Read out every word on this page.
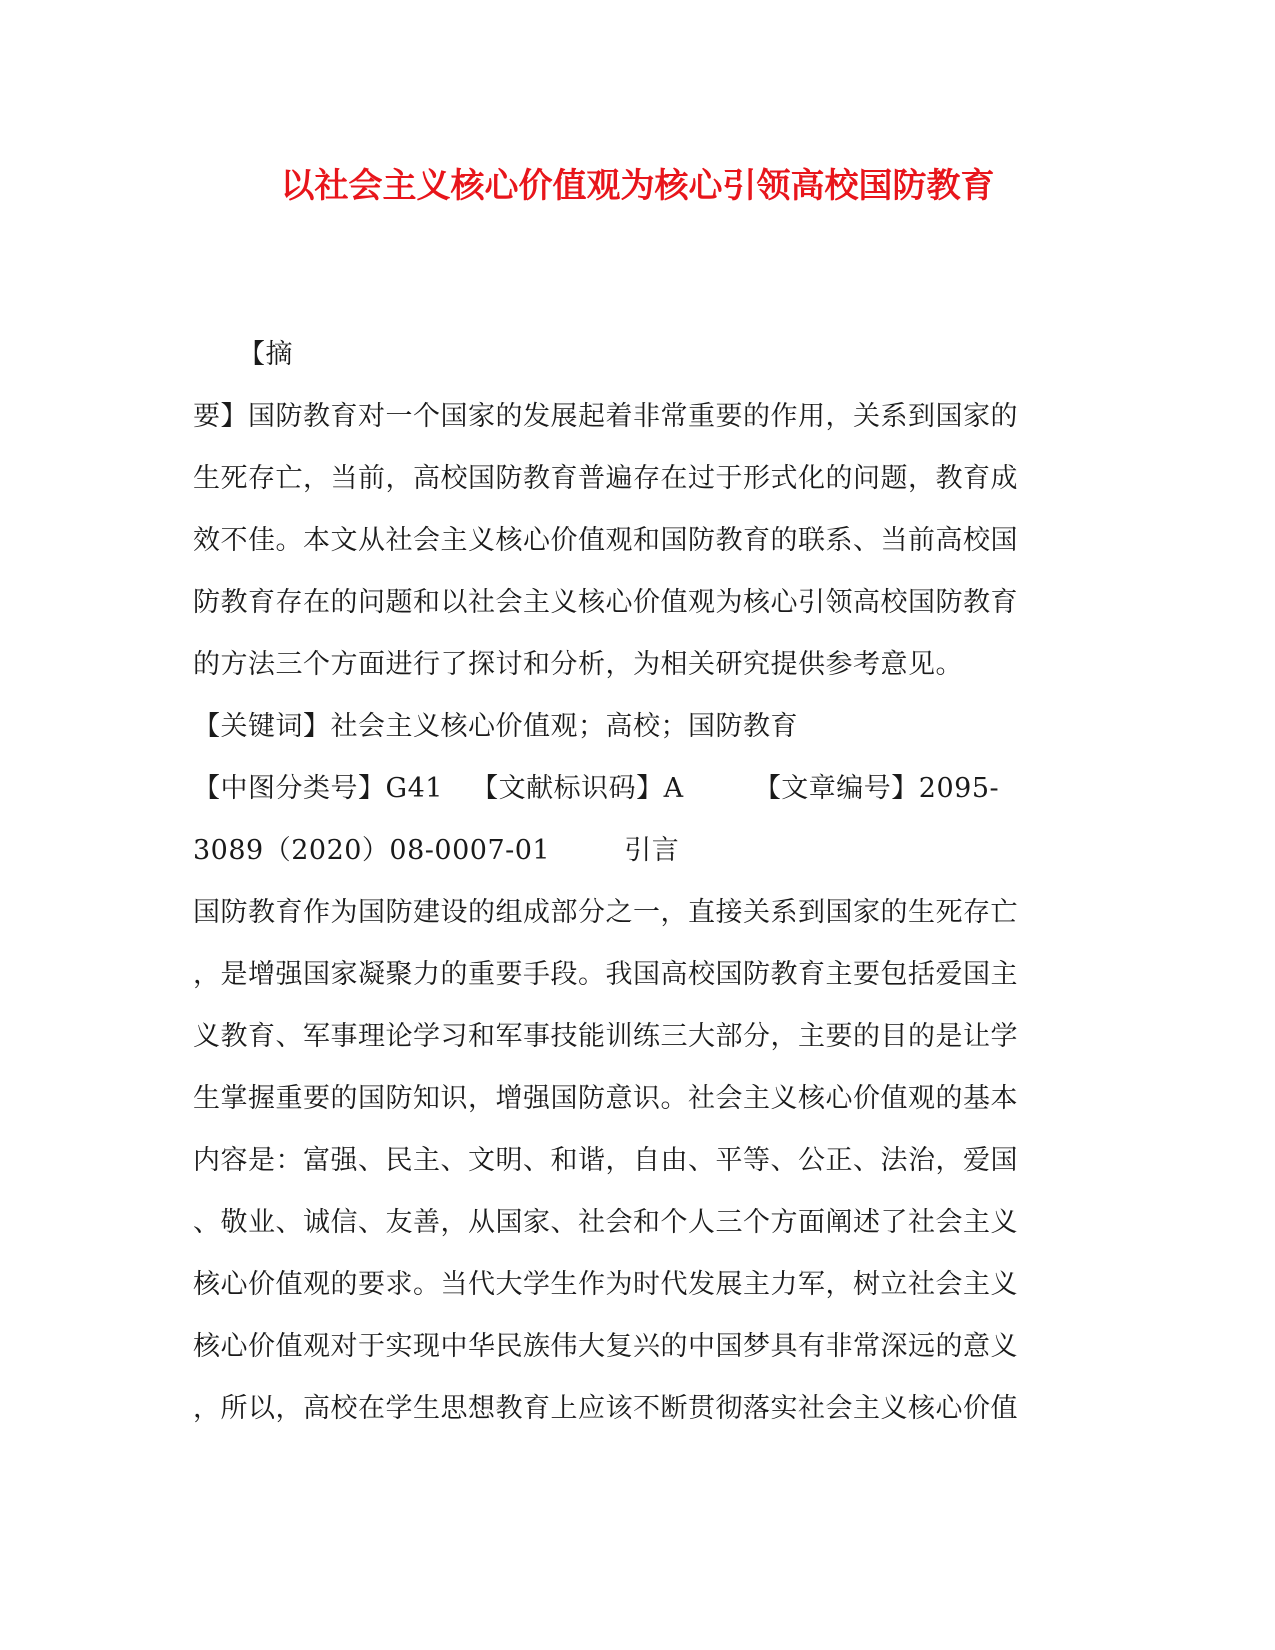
以社会主义核心价值观为核心引领高校国防教育
【摘
要】国防教育对一个国家的发展起着非常重要的作用，关系到国家的
生死存亡，当前，高校国防教育普遍存在过于形式化的问题，教育成
效不佳。本文从社会主义核心价值观和国防教育的联系、当前高校国
防教育存在的问题和以社会主义核心价值观为核心引领高校国防教育
的方法三个方面进行了探讨和分析，为相关研究提供参考意见。
【关键词】社会主义核心价值观；高校；国防教育
【中图分类号】G41 【文献标识码】A	【文章编号】2095-
3089（2020）08-0007-01	引言
国防教育作为国防建设的组成部分之一，直接关系到国家的生死存亡
，是增强国家凝聚力的重要手段。我国高校国防教育主要包括爱国主
义教育、军事理论学习和军事技能训练三大部分，主要的目的是让学
生掌握重要的国防知识，增强国防意识。社会主义核心价值观的基本
内容是：富强、民主、文明、和谐，自由、平等、公正、法治，爱国
、敬业、诚信、友善，从国家、社会和个人三个方面阐述了社会主义
核心价值观的要求。当代大学生作为时代发展主力军，树立社会主义
核心价值观对于实现中华民族伟大复兴的中国梦具有非常深远的意义
，所以，高校在学生思想教育上应该不断贯彻落实社会主义核心价值
